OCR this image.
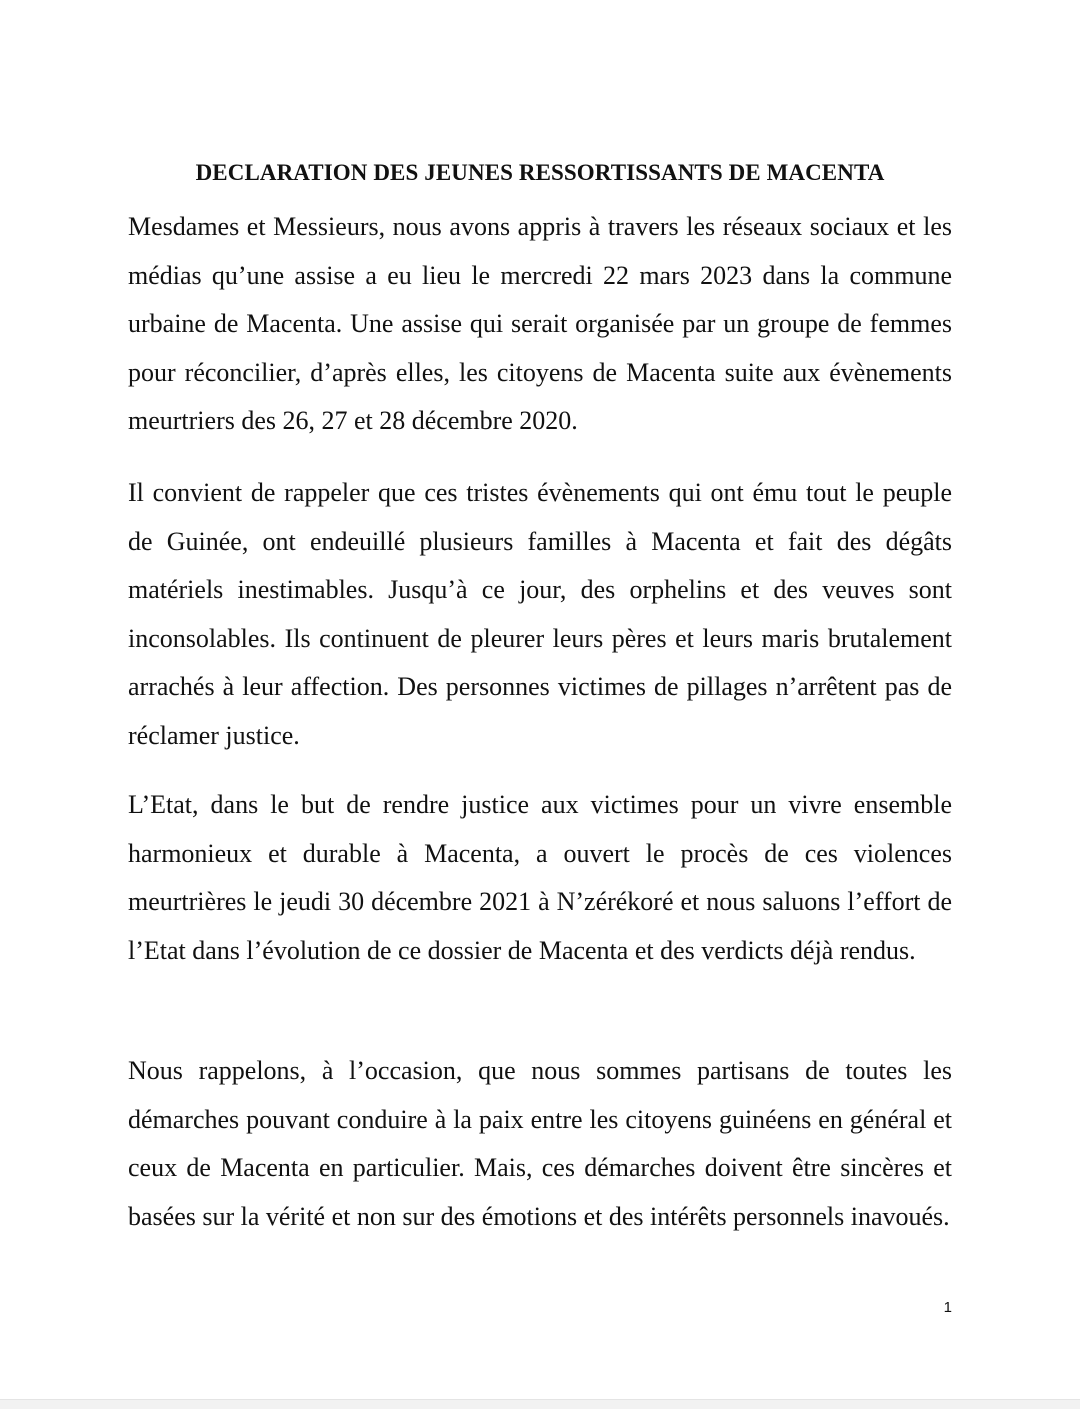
DECLARATION DES JEUNES RESSORTISSANTS DE MACENTA

Mesdames et Messieurs, nous avons appris à travers les réseaux sociaux et les médias qu’une assise a eu lieu le mercredi 22 mars 2023 dans la commune urbaine de Macenta. Une assise qui serait organisée par un groupe de femmes pour réconcilier, d’après elles, les citoyens de Macenta suite aux évènements meurtriers des 26, 27 et 28 décembre 2020.

Il convient de rappeler que ces tristes évènements qui ont ému tout le peuple de Guinée, ont endeuillé plusieurs familles à Macenta et fait des dégâts matériels inestimables. Jusqu’à ce jour, des orphelins et des veuves sont inconsolables. Ils continuent de pleurer leurs pères et leurs maris brutalement arrachés à leur affection. Des personnes victimes de pillages n’arrêtent pas de réclamer justice.

L’Etat, dans le but de rendre justice aux victimes pour un vivre ensemble harmonieux et durable à Macenta, a ouvert le procès de ces violences meurtrières le jeudi 30 décembre 2021 à N’zérékoré et nous saluons l’effort de l’Etat dans l’évolution de ce dossier de Macenta et des verdicts déjà rendus.

Nous rappelons, à l’occasion, que nous sommes partisans de toutes les démarches pouvant conduire à la paix entre les citoyens guinéens en général et ceux de Macenta en particulier. Mais, ces démarches doivent être sincères et basées sur la vérité et non sur des émotions et des intérêts personnels inavoués.

1
